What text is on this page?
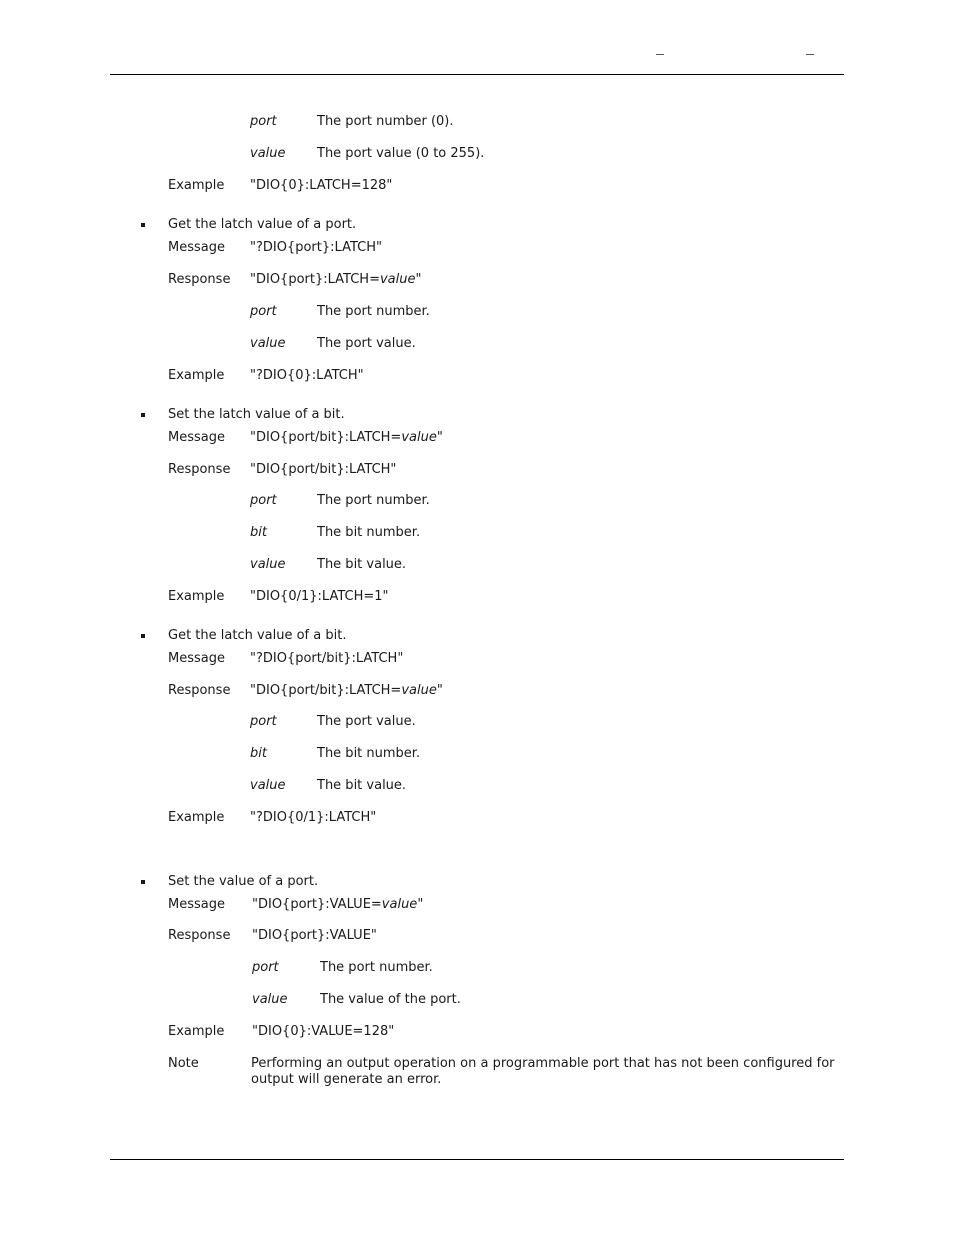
port	The port number (0).
value The port value (0 to 255).
Example "DIO{0}:LATCH=128"
Get the latch value of a port.
Message "?DIO{port}:LATCH"
Response "DIO{port}:LATCH=value"
port	The port number.
value The port value.
Example "?DIO{0}:LATCH"
Set the latch value of a bit.
Message "DIO{port/bit}:LATCH=value"
Response "DIO{port/bit}:LATCH"
port	The port number.
bit	The bit number.
value The bit value.
Example "DIO{0/1}:LATCH=1"
Get the latch value of a bit.
Message "?DIO{port/bit}:LATCH"
Response "DIO{port/bit}:LATCH=value"
port	The port value.
bit	The bit number.
value The bit value.
Example "?DIO{0/1}:LATCH"
Set the value of a port.
Message "DIO{port}:VALUE=value"
Response "DIO{port}:VALUE"
port	The port number.
value The value of the port.
Example "DIO{0}:VALUE=128"
Note	Performing an output operation on a programmable port that has not been configured for output will generate an error.
